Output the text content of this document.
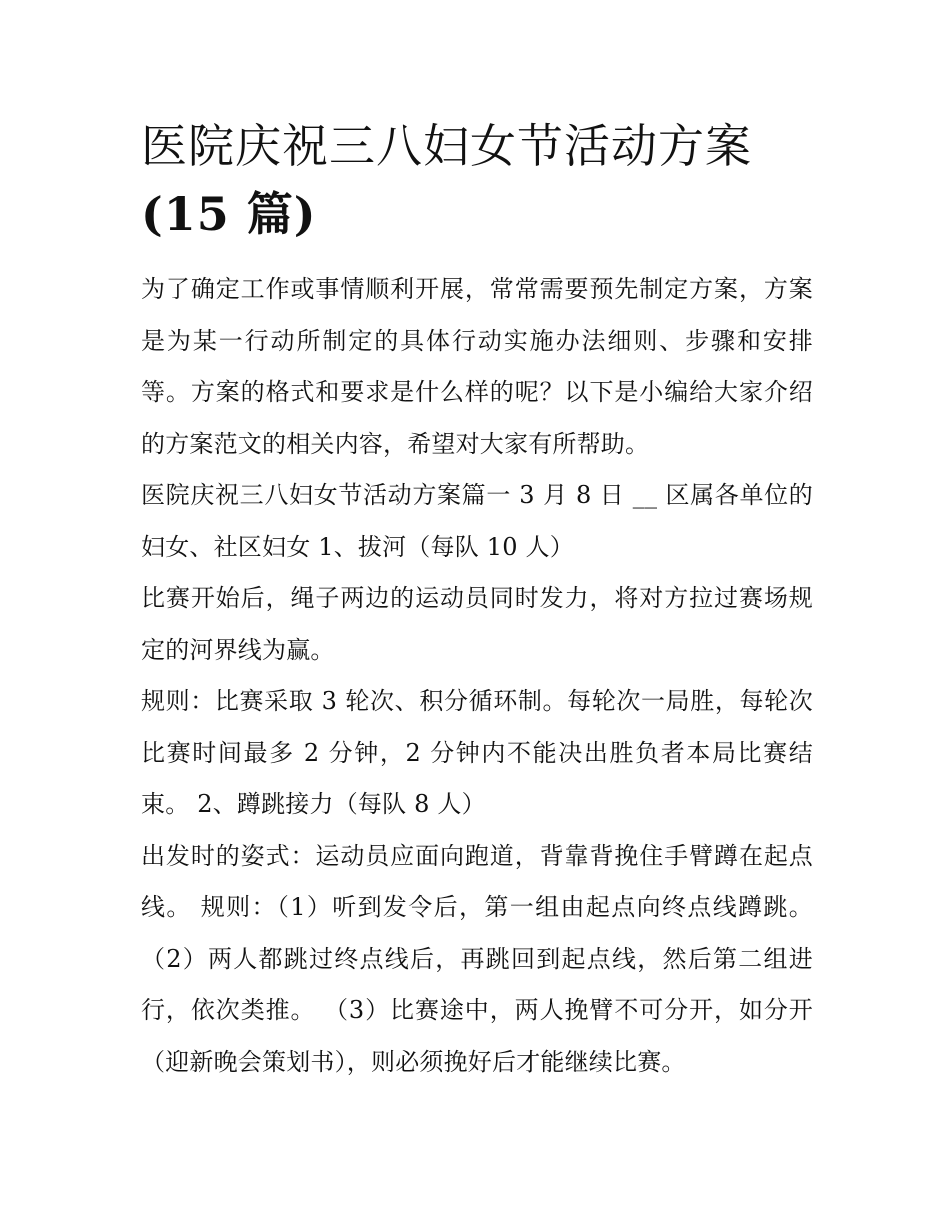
医院庆祝三八妇女节活动方案
(15 篇)

为了确定工作或事情顺利开展，常常需要预先制定方案，方案是为某一行动所制定的具体行动实施办法细则、步骤和安排等。方案的格式和要求是什么样的呢？以下是小编给大家介绍的方案范文的相关内容，希望对大家有所帮助。

医院庆祝三八妇女节活动方案篇一 3 月 8 日 __ 区属各单位的妇女、社区妇女 1、拔河（每队 10 人）

比赛开始后，绳子两边的运动员同时发力，将对方拉过赛场规定的河界线为赢。

规则：比赛采取 3 轮次、积分循环制。每轮次一局胜，每轮次比赛时间最多 2 分钟，2 分钟内不能决出胜负者本局比赛结束。 2、蹲跳接力（每队 8 人）

出发时的姿式：运动员应面向跑道，背靠背挽住手臂蹲在起点线。 规则：（1）听到发令后，第一组由起点向终点线蹲跳。（2）两人都跳过终点线后，再跳回到起点线，然后第二组进行，依次类推。 （3）比赛途中，两人挽臂不可分开，如分开（迎新晚会策划书），则必须挽好后才能继续比赛。
